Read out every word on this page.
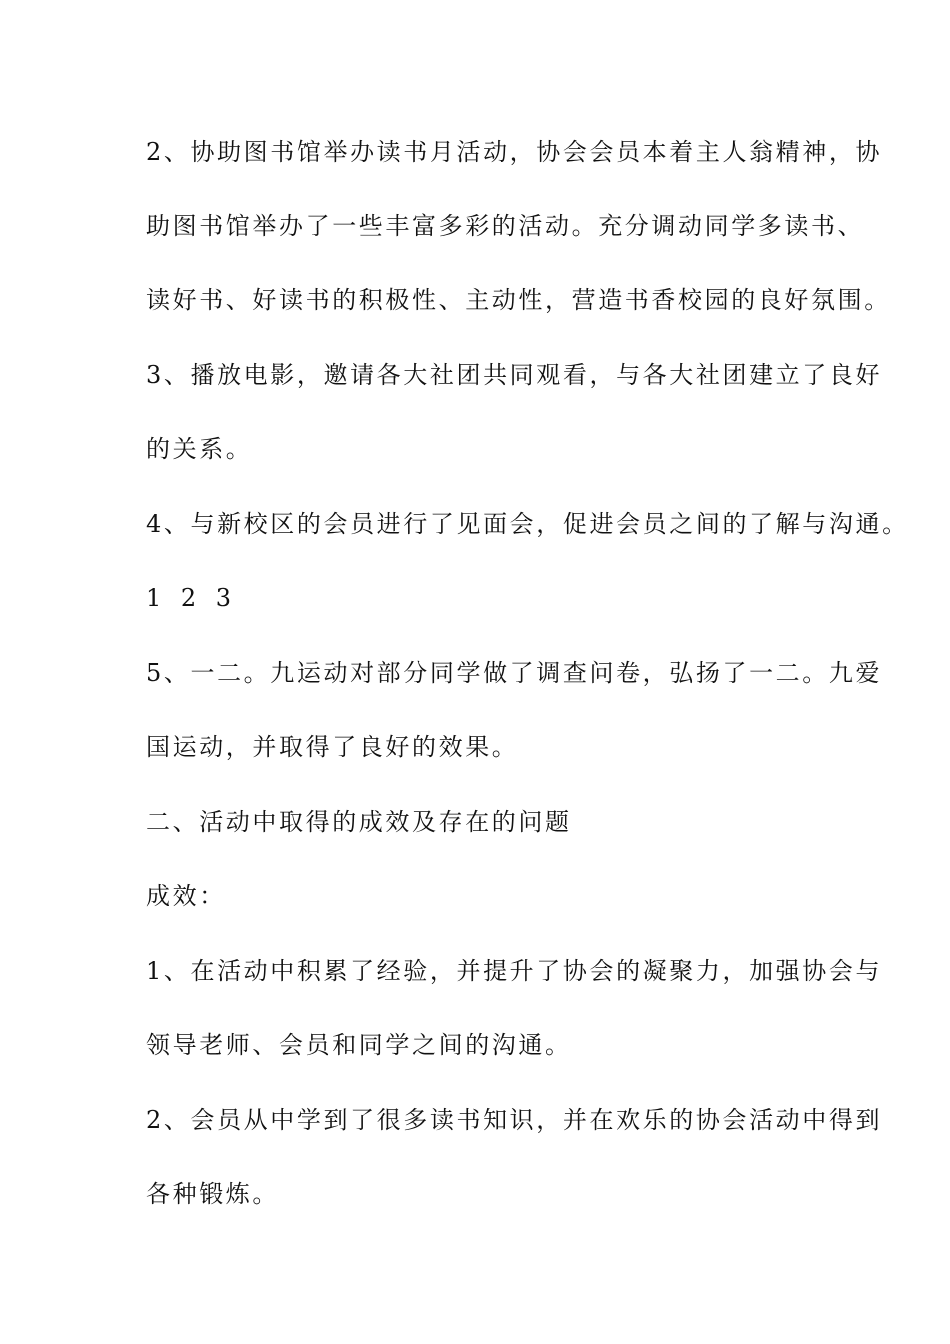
2、协助图书馆举办读书月活动，协会会员本着主人翁精神，协
助图书馆举办了一些丰富多彩的活动。充分调动同学多读书、
读好书、好读书的积极性、主动性，营造书香校园的良好氛围。
3、播放电影，邀请各大社团共同观看，与各大社团建立了良好
的关系。
4、与新校区的会员进行了见面会，促进会员之间的了解与沟通。
1 2 3
5、一二。九运动对部分同学做了调查问卷，弘扬了一二。九爱
国运动，并取得了良好的效果。
二、活动中取得的成效及存在的问题
成效：
1、在活动中积累了经验，并提升了协会的凝聚力，加强协会与
领导老师、会员和同学之间的沟通。
2、会员从中学到了很多读书知识，并在欢乐的协会活动中得到
各种锻炼。
